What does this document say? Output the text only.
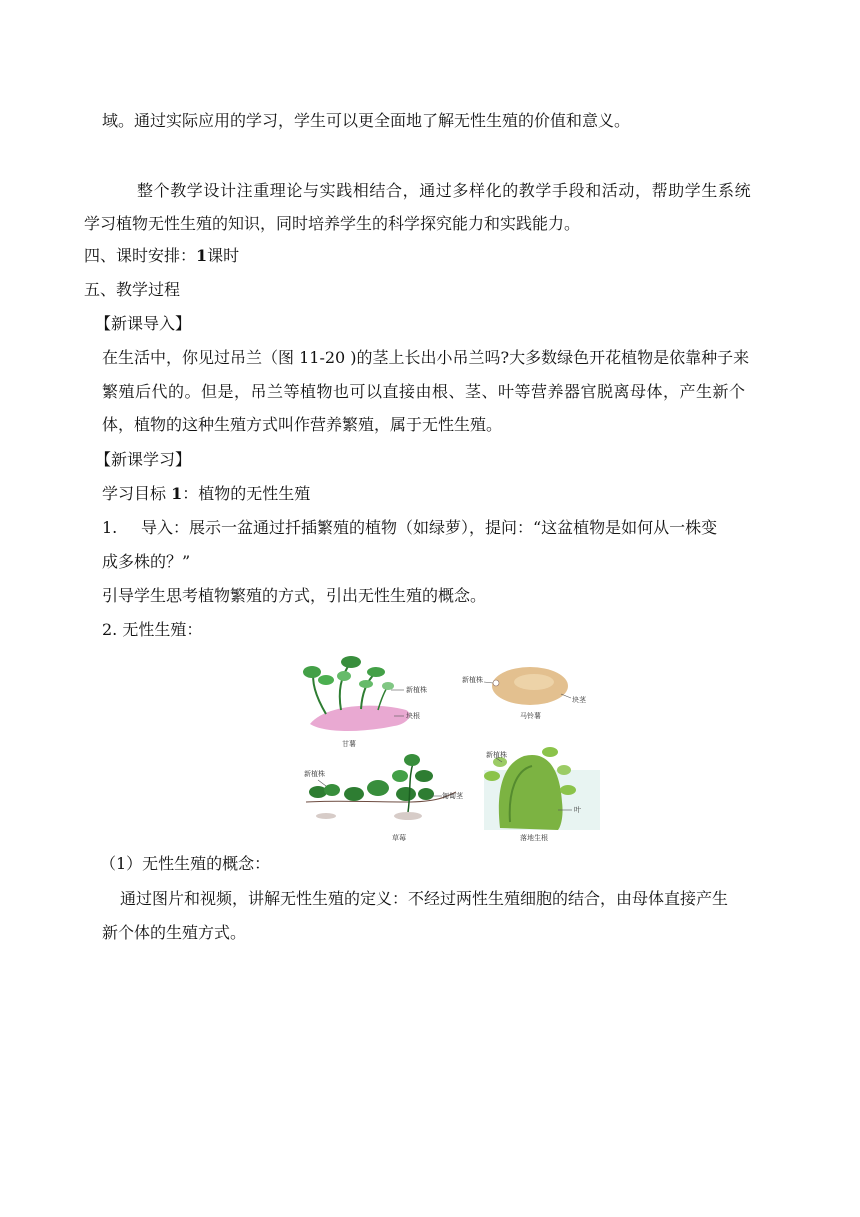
域。通过实际应用的学习，学生可以更全面地了解无性生殖的价值和意义。
整个教学设计注重理论与实践相结合，通过多样化的教学手段和活动，帮助学生系统
学习植物无性生殖的知识，同时培养学生的科学探究能力和实践能力。
四、课时安排：1课时
五、教学过程
【新课导入】
在生活中，你见过吊兰（图 11-20 )的茎上长出小吊兰吗?大多数绿色开花植物是依靠种子来
繁殖后代的。但是，吊兰等植物也可以直接由根、茎、叶等营养器官脱离母体，产生新个
体，植物的这种生殖方式叫作营养繁殖，属于无性生殖。
【新课学习】
学习目标 1：植物的无性生殖
1. 导入：展示一盆通过扦插繁殖的植物（如绿萝），提问：“这盆植物是如何从一株变
成多株的？”
引导学生思考植物繁殖的方式，引出无性生殖的概念。
2. 无性生殖：
新植株
块根
甘薯
新植株
块茎
马铃薯
新植株
匍匐茎
草莓
新植株
叶
落地生根
（1）无性生殖的概念：
通过图片和视频，讲解无性生殖的定义：不经过两性生殖细胞的结合，由母体直接产生
新个体的生殖方式。
